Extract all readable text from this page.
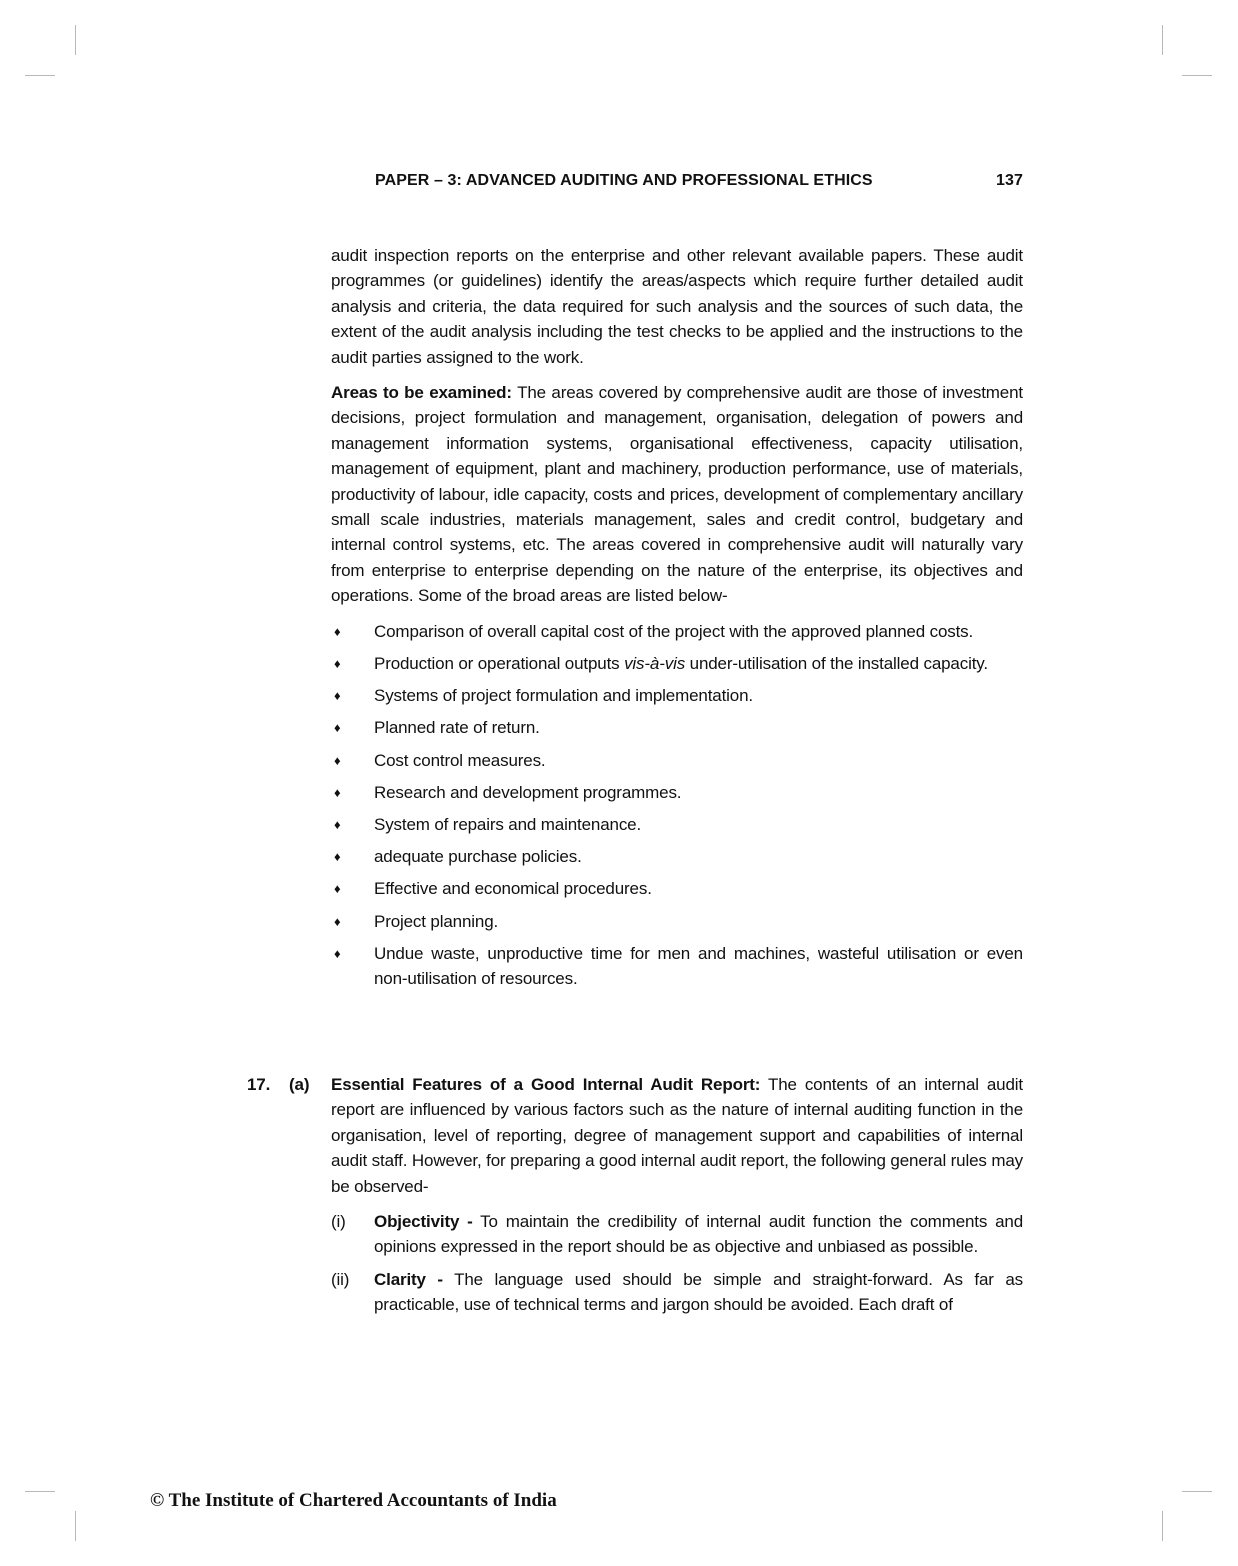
PAPER – 3: ADVANCED AUDITING AND PROFESSIONAL ETHICS	137

audit inspection reports on the enterprise and other relevant available papers. These audit programmes (or guidelines) identify the areas/aspects which require further detailed audit analysis and criteria, the data required for such analysis and the sources of such data, the extent of the audit analysis including the test checks to be applied and the instructions to the audit parties assigned to the work.

Areas to be examined: The areas covered by comprehensive audit are those of investment decisions, project formulation and management, organisation, delegation of powers and management information systems, organisational effectiveness, capacity utilisation, management of equipment, plant and machinery, production performance, use of materials, productivity of labour, idle capacity, costs and prices, development of complementary ancillary small scale industries, materials management, sales and credit control, budgetary and internal control systems, etc. The areas covered in comprehensive audit will naturally vary from enterprise to enterprise depending on the nature of the enterprise, its objectives and operations. Some of the broad areas are listed below-

♦ Comparison of overall capital cost of the project with the approved planned costs.
♦ Production or operational outputs vis-à-vis under-utilisation of the installed capacity.
♦ Systems of project formulation and implementation.
♦ Planned rate of return.
♦ Cost control measures.
♦ Research and development programmes.
♦ System of repairs and maintenance.
♦ adequate purchase policies.
♦ Effective and economical procedures.
♦ Project planning.
♦ Undue waste, unproductive time for men and machines, wasteful utilisation or even non-utilisation of resources.
17. (a) Essential Features of a Good Internal Audit Report: The contents of an internal audit report are influenced by various factors such as the nature of internal auditing function in the organisation, level of reporting, degree of management support and capabilities of internal audit staff. However, for preparing a good internal audit report, the following general rules may be observed-

(i) Objectivity - To maintain the credibility of internal audit function the comments and opinions expressed in the report should be as objective and unbiased as possible.
(ii) Clarity - The language used should be simple and straight-forward. As far as practicable, use of technical terms and jargon should be avoided. Each draft of
© The Institute of Chartered Accountants of India
